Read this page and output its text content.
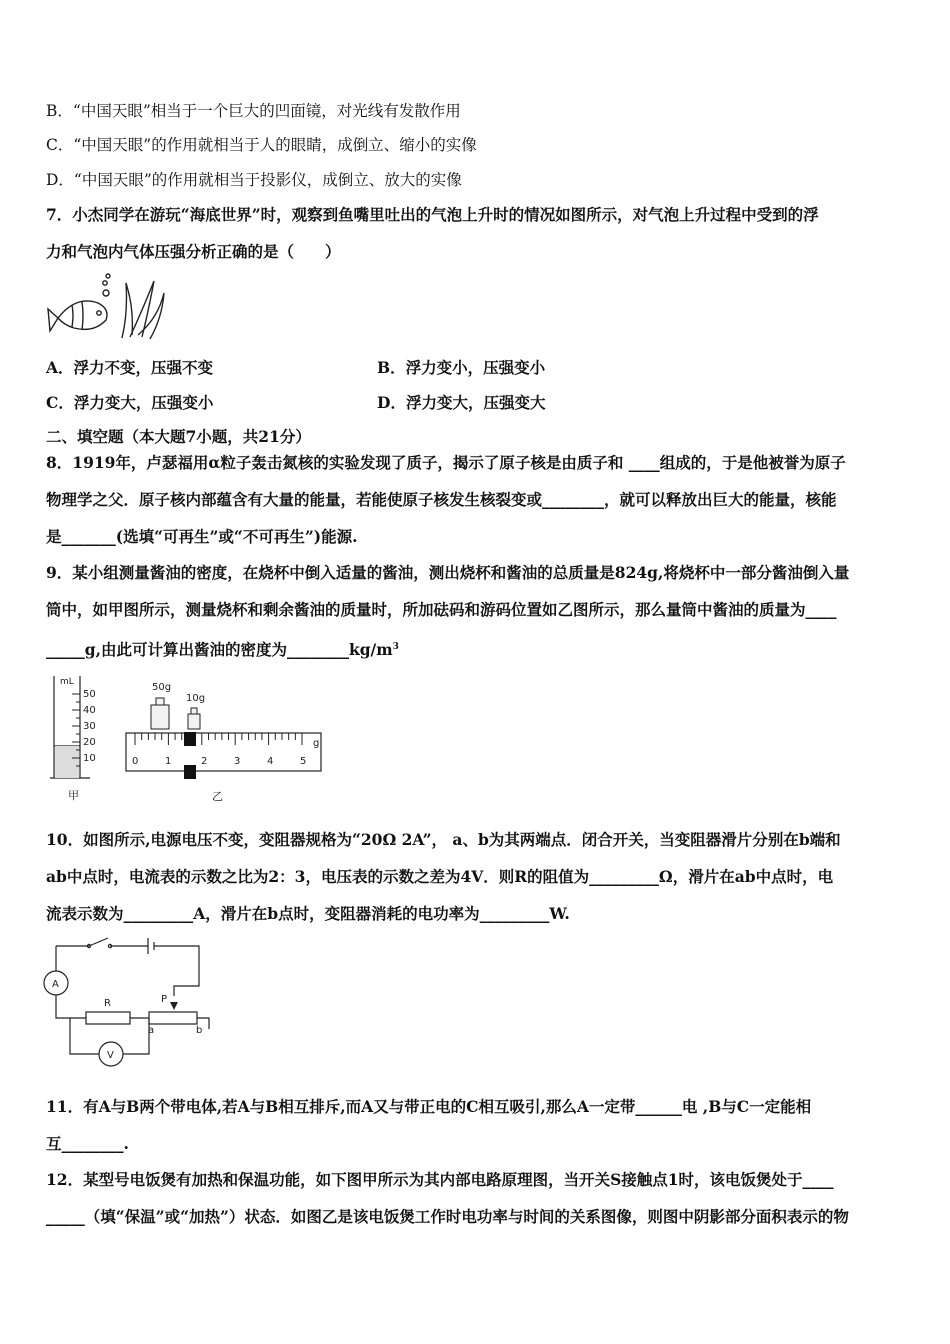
B．“中国天眼”相当于一个巨大的凹面镜，对光线有发散作用
C．“中国天眼”的作用就相当于人的眼睛，成倒立、缩小的实像
D．“中国天眼”的作用就相当于投影仪，成倒立、放大的实像
7．小杰同学在游玩“海底世界”时，观察到鱼嘴里吐出的气泡上升时的情况如图所示，对气泡上升过程中受到的浮
力和气泡内气体压强分析正确的是（　　）
A．浮力不变，压强不变	B．浮力变小，压强变小
C．浮力变大，压强变小	D．浮力变大，压强变大
二、填空题（本大题7小题，共21分）
8．1919年，卢瑟福用α粒子轰击氮核的实验发现了质子，揭示了原子核是由质子和 ____组成的，于是他被誉为原子
物理学之父．原子核内部蕴含有大量的能量，若能使原子核发生核裂变或________，就可以释放出巨大的能量，核能
是_______(选填“可再生”或“不可再生”)能源.
9．某小组测量酱油的密度，在烧杯中倒入适量的酱油，测出烧杯和酱油的总质量是824g,将烧杯中一部分酱油倒入量
筒中，如甲图所示，测量烧杯和剩余酱油的质量时，所加砝码和游码位置如乙图所示，那么量筒中酱油的质量为____
_____g,由此可计算出酱油的密度为$\_\_\_\_\_\_\_\_kg/m^3$
mL
50
40
30
20
10
甲
50g
10g
g
0	1	2	3	4	5
乙
10．如图所示,电源电压不变，变阻器规格为“20Ω 2A”， a、b为其两端点．闭合开关，当变阻器滑片分别在b端和
ab中点时，电流表的示数之比为2：3，电压表的示数之差为4V．则R的阻值为_________Ω，滑片在ab中点时，电
流表示数为_________A，滑片在b点时，变阻器消耗的电功率为_________W.
A
V
R	P
a	b
11．有A与B两个带电体,若A与B相互排斥,而A又与带正电的C相互吸引,那么A一定带______电 ,B与C一定能相
互________.
12．某型号电饭煲有加热和保温功能，如下图甲所示为其内部电路原理图，当开关S接触点1时，该电饭煲处于____
_____（填“保温”或“加热”）状态．如图乙是该电饭煲工作时电功率与时间的关系图像，则图中阴影部分面积表示的物
